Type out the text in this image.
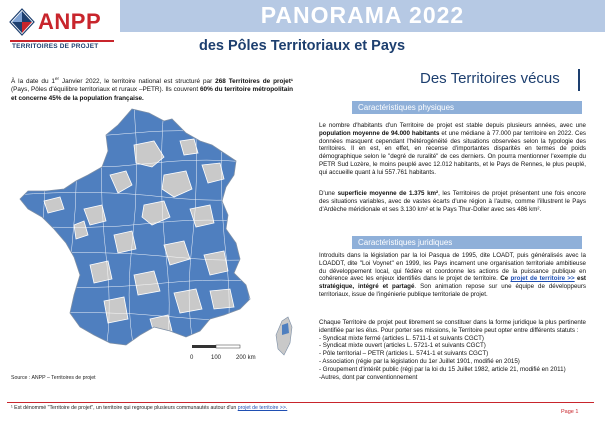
ANPP
TERRITOIRES DE PROJET
PANORAMA 2022
des Pôles Territoriaux et Pays
À la date du 1er Janvier 2022, le territoire national est structuré par 268 Territoires de projet¹ (Pays, Pôles d'équilibre territoriaux et ruraux –PETR). Ils couvrent 60% du territoire métropolitain et concerne 45% de la population française.
0	100 200 km
Source : ANPP – Territoires de projet
Des Territoires vécus
Caractéristiques physiques
Le nombre d'habitants d'un Territoire de projet est stable depuis plusieurs années, avec une population moyenne de 94.000 habitants et une médiane à 77.000 par territoire en 2022. Ces données masquent cependant l'hétérogénéité des situations observées selon la typologie des territoires. Il en est, en effet, en recense d'importantes disparités en termes de poids démographique selon le "degré de ruralité" de ces derniers. On pourra mentionner l'exemple du PETR Sud Lozère, le moins peuplé avec 12.012 habitants, et le Pays de Rennes, le plus peuplé, qui accueille quant à lui 557.761 habitants.
D'une superficie moyenne de 1.375 km², les Territoires de projet présentent une fois encore des situations variables, avec de vastes écarts d'une région à l'autre, comme l'illustrent le Pays d'Ardèche méridionale et ses 3.130 km² et le Pays Thur-Doller avec ses 486 km².
Caractéristiques juridiques
Introduits dans la législation par la loi Pasqua de 1995, dite LOADT, puis généralisés avec la LOADDT, dite "Loi Voynet" en 1999, les Pays incarnent une organisation territoriale ambitieuse du développement local, qui fédère et coordonne les actions de la puissance publique en cohérence avec les enjeux identifiés dans le projet de territoire. Ce projet de territoire >> est stratégique, intégré et partagé. Son animation repose sur une équipe de développeurs territoriaux, issue de l'ingénierie publique territoriale de projet.
Chaque Territoire de projet peut librement se constituer dans la forme juridique la plus pertinente identifiée par les élus. Pour porter ses missions, le Territoire peut opter entre différents statuts :
- Syndicat mixte fermé (articles L. 5711-1 et suivants CGCT)
- Syndicat mixte ouvert (articles L. 5721-1 et suivants CGCT)
- Pôle territorial – PETR (articles L. 5741-1 et suivants CGCT)
- Association (régie par la législation du 1er Juillet 1901, modifié en 2015)
- Groupement d'intérêt public (régi par la loi du 15 Juillet 1982, article 21, modifié en 2011)
-Autres, dont par conventionnement
¹ Est dénommé "Territoire de projet", un territoire qui regroupe plusieurs communautés autour d'un projet de territoire >>.
Page 1
